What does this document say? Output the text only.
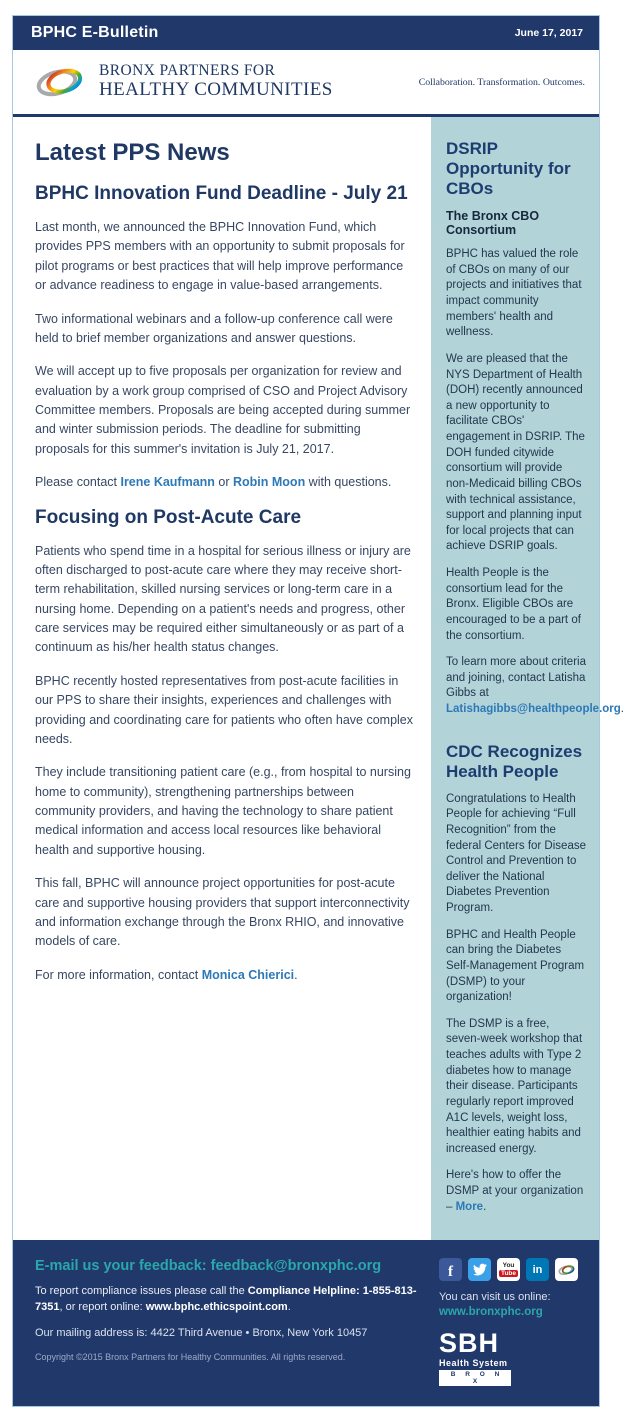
BPHC E-Bulletin	June 17, 2017
BRONX PARTNERS FOR
HEALTHY COMMUNITIES	Collaboration. Transformation. Outcomes.
Latest PPS News
BPHC Innovation Fund Deadline - July 21

Last month, we announced the BPHC Innovation Fund, which provides PPS members with an opportunity to submit proposals for pilot programs or best practices that will help improve performance or advance readiness to engage in value-based arrangements.

Two informational webinars and a follow-up conference call were held to brief member organizations and answer questions.

We will accept up to five proposals per organization for review and evaluation by a work group comprised of CSO and Project Advisory Committee members. Proposals are being accepted during summer and winter submission periods. The deadline for submitting proposals for this summer's invitation is July 21, 2017.

Please contact Irene Kaufmann or Robin Moon with questions.

Focusing on Post-Acute Care

Patients who spend time in a hospital for serious illness or injury are often discharged to post-acute care where they may receive short-term rehabilitation, skilled nursing services or long-term care in a nursing home. Depending on a patient's needs and progress, other care services may be required either simultaneously or as part of a continuum as his/her health status changes.

BPHC recently hosted representatives from post-acute facilities in our PPS to share their insights, experiences and challenges with providing and coordinating care for patients who often have complex needs.

They include transitioning patient care (e.g., from hospital to nursing home to community), strengthening partnerships between community providers, and having the technology to share patient medical information and access local resources like behavioral health and supportive housing.

This fall, BPHC will announce project opportunities for post-acute care and supportive housing providers that support interconnectivity and information exchange through the Bronx RHIO, and innovative models of care.

For more information, contact Monica Chierici.

DSRIP Opportunity for CBOs
The Bronx CBO Consortium

BPHC has valued the role of CBOs on many of our projects and initiatives that impact community members' health and wellness.

We are pleased that the NYS Department of Health (DOH) recently announced a new opportunity to facilitate CBOs' engagement in DSRIP. The DOH funded citywide consortium will provide non-Medicaid billing CBOs with technical assistance, support and planning input for local projects that can achieve DSRIP goals.

Health People is the consortium lead for the Bronx. Eligible CBOs are encouraged to be a part of the consortium.

To learn more about criteria and joining, contact Latisha Gibbs at Latishagibbs@healthpeople.org.

CDC Recognizes Health People

Congratulations to Health People for achieving “Full Recognition” from the federal Centers for Disease Control and Prevention to deliver the National Diabetes Prevention Program.

BPHC and Health People can bring the Diabetes Self-Management Program (DSMP) to your organization!

The DSMP is a free, seven-week workshop that teaches adults with Type 2 diabetes how to manage their disease. Participants regularly report improved A1C levels, weight loss, healthier eating habits and increased energy.

Here's how to offer the DSMP at your organization – More.

E-mail us your feedback: feedback@bronxphc.org
To report compliance issues please call the Compliance Helpline: 1-855-813-7351, or report online: www.bphc.ethicspoint.com.
Our mailing address is: 4422 Third Avenue • Bronx, New York 10457
Copyright ©2015 Bronx Partners for Healthy Communities. All rights reserved.
f	You
Tube in
You can visit us online:
www.bronxphc.org
SBH
Health System
B R O N X
